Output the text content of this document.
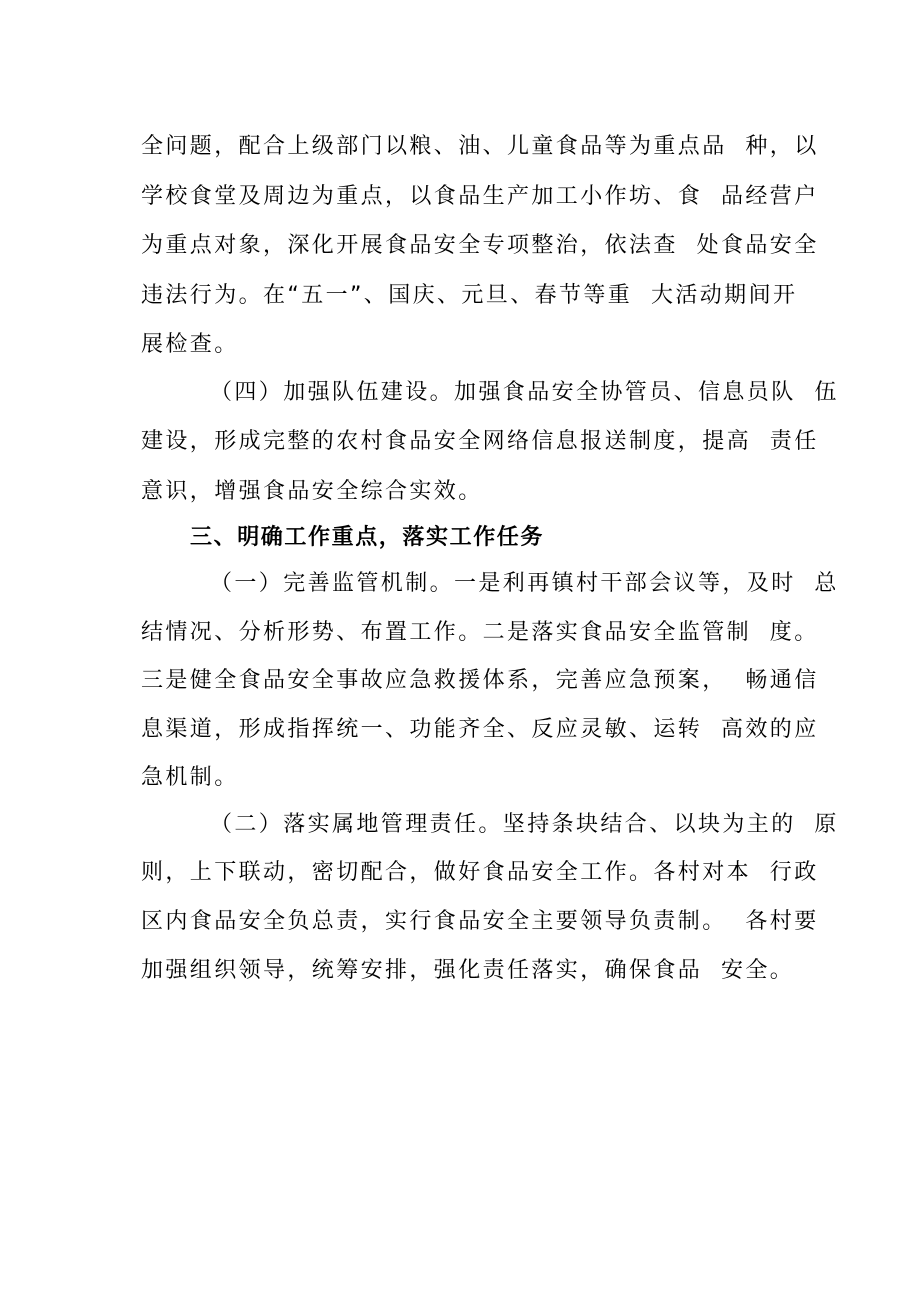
全问题，配合上级部门以粮、油、儿童食品等为重点品  种，以
学校食堂及周边为重点，以食品生产加工小作坊、食  品经营户
为重点对象，深化开展食品安全专项整治，依法查  处食品安全
违法行为。在“五一”、国庆、元旦、春节等重  大活动期间开
展检查。
（四）加强队伍建设。加强食品安全协管员、信息员队  伍
建设，形成完整的农村食品安全网络信息报送制度，提高  责任
意识，增强食品安全综合实效。
三、明确工作重点，落实工作任务
（一）完善监管机制。一是利再镇村干部会议等，及时  总
结情况、分析形势、布置工作。二是落实食品安全监管制  度。
三是健全食品安全事故应急救援体系，完善应急预案，  畅通信
息渠道，形成指挥统一、功能齐全、反应灵敏、运转  高效的应
急机制。
（二）落实属地管理责任。坚持条块结合、以块为主的  原
则，上下联动，密切配合，做好食品安全工作。各村对本  行政
区内食品安全负总责，实行食品安全主要领导负责制。  各村要
加强组织领导，统筹安排，强化责任落实，确保食品  安全。
